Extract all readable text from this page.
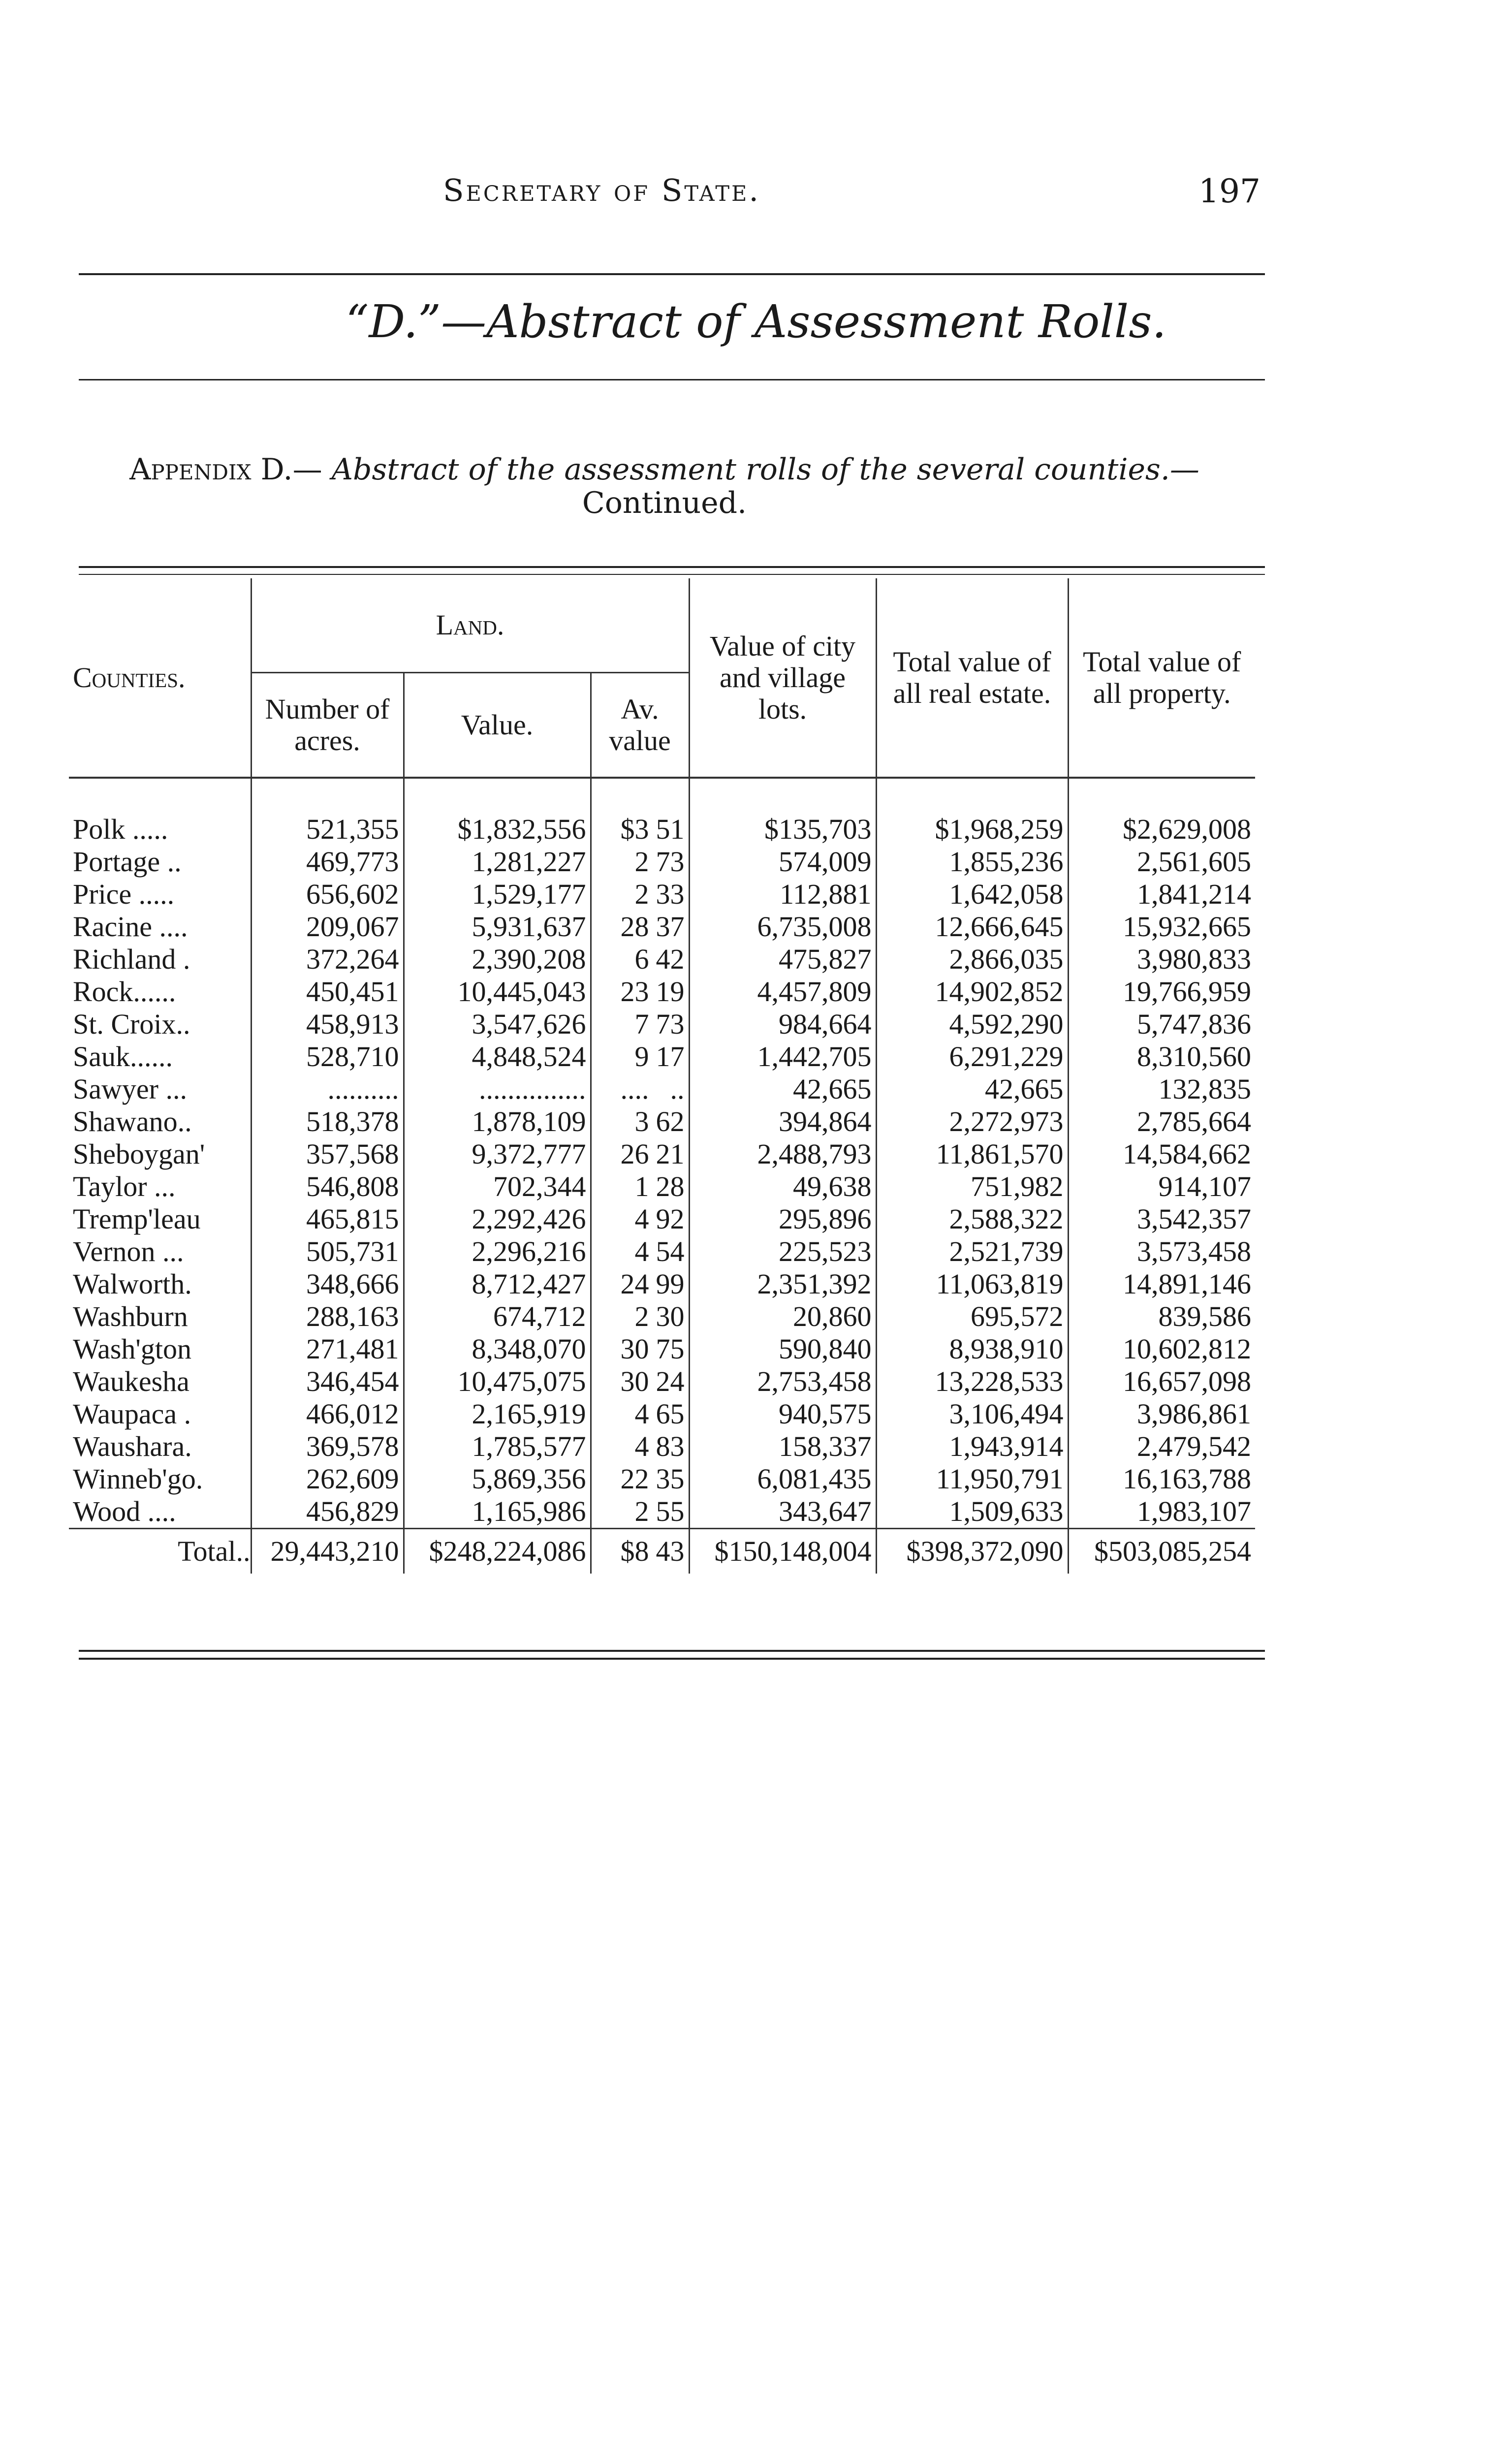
Secretary of State.	197
“D.”—Abstract of Assessment Rolls.
Appendix D.— Abstract of the assessment rolls of the several counties.—
Continued.
Counties.	Land.			Value of city and village lots.	Total value of all real estate.	Total value of all property.
	Number of acres.	Value.	Av. value			

Polk .....	521,355	$1,832,556	$3 51	$135,703	$1,968,259	$2,629,008
Portage ..	469,773	1,281,227	2 73	574,009	1,855,236	2,561,605
Price .....	656,602	1,529,177	2 33	112,881	1,642,058	1,841,214
Racine ....	209,067	5,931,637	28 37	6,735,008	12,666,645	15,932,665
Richland .	372,264	2,390,208	6 42	475,827	2,866,035	3,980,833
Rock......	450,451	10,445,043	23 19	4,457,809	14,902,852	19,766,959
St. Croix..	458,913	3,547,626	7 73	984,664	4,592,290	5,747,836
Sauk......	528,710	4,848,524	9 17	1,442,705	6,291,229	8,310,560
Sawyer ...	..........	...............	.... ..	42,665	42,665	132,835
Shawano..	518,378	1,878,109	3 62	394,864	2,272,973	2,785,664
Sheboygan'	357,568	9,372,777	26 21	2,488,793	11,861,570	14,584,662
Taylor ...	546,808	702,344	1 28	49,638	751,982	914,107
Tremp'leau	465,815	2,292,426	4 92	295,896	2,588,322	3,542,357
Vernon ...	505,731	2,296,216	4 54	225,523	2,521,739	3,573,458
Walworth.	348,666	8,712,427	24 99	2,351,392	11,063,819	14,891,146
Washburn	288,163	674,712	2 30	20,860	695,572	839,586
Wash'gton	271,481	8,348,070	30 75	590,840	8,938,910	10,602,812
Waukesha	346,454	10,475,075	30 24	2,753,458	13,228,533	16,657,098
Waupaca .	466,012	2,165,919	4 65	940,575	3,106,494	3,986,861
Waushara.	369,578	1,785,577	4 83	158,337	1,943,914	2,479,542
Winneb'go.	262,609	5,869,356	22 35	6,081,435	11,950,791	16,163,788
Wood ....	456,829	1,165,986	2 55	343,647	1,509,633	1,983,107
Total..	29,443,210	$248,224,086	$8 43	$150,148,004	$398,372,090	$503,085,254
